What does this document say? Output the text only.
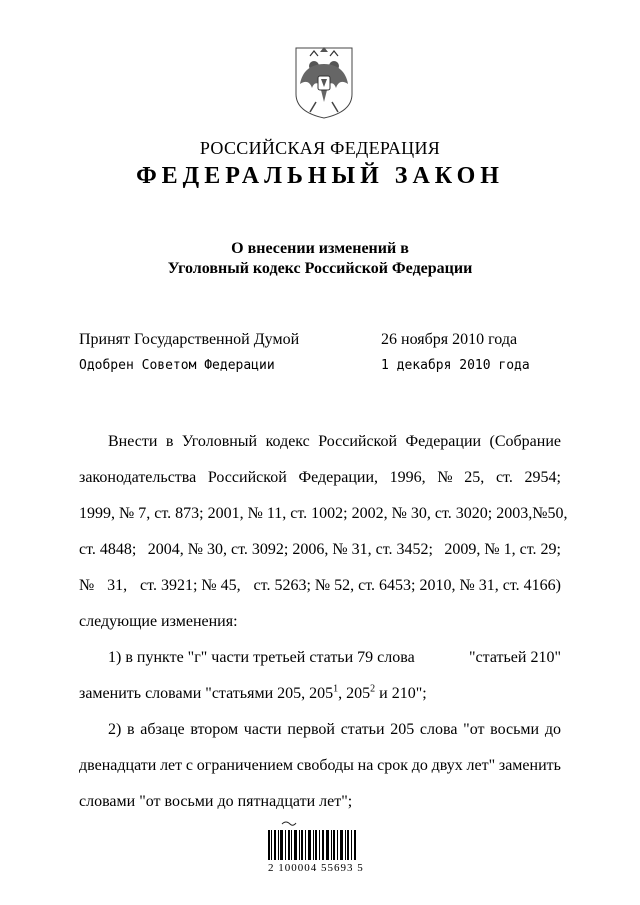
РОССИЙСКАЯ ФЕДЕРАЦИЯ
ФЕДЕРАЛЬНЫЙ ЗАКОН
О внесении изменений в
Уголовный кодекс Российской Федерации
Принят Государственной Думой
Одобрен Советом Федерации
26 ноября 2010 года
1 декабря 2010 года
Внести в Уголовный кодекс Российской Федерации (Собрание
законодательства Российской Федерации, 1996, № 25, ст. 2954;
1999, № 7, ст. 873; 2001, № 11, ст. 1002; 2002, № 30, ст. 3020; 2003, № 50,
ст. 4848; 2004, № 30, ст. 3092; 2006, № 31, ст. 3452; 2009, № 1, ст. 29;
№ 31, ст. 3921; № 45, ст. 5263; № 52, ст. 6453; 2010, № 31, ст. 4166)
следующие изменения:
1) в пункте "г" части третьей статьи 79 слова	"статьей 210"
заменить словами "статьями 205, $205^1$, $205^2$ и 210";
2) в абзаце втором части первой статьи 205 слова "от восьми до
двенадцати лет с ограничением свободы на срок до двух лет" заменить
словами "от восьми до пятнадцати лет";
2 100004 55693 5
